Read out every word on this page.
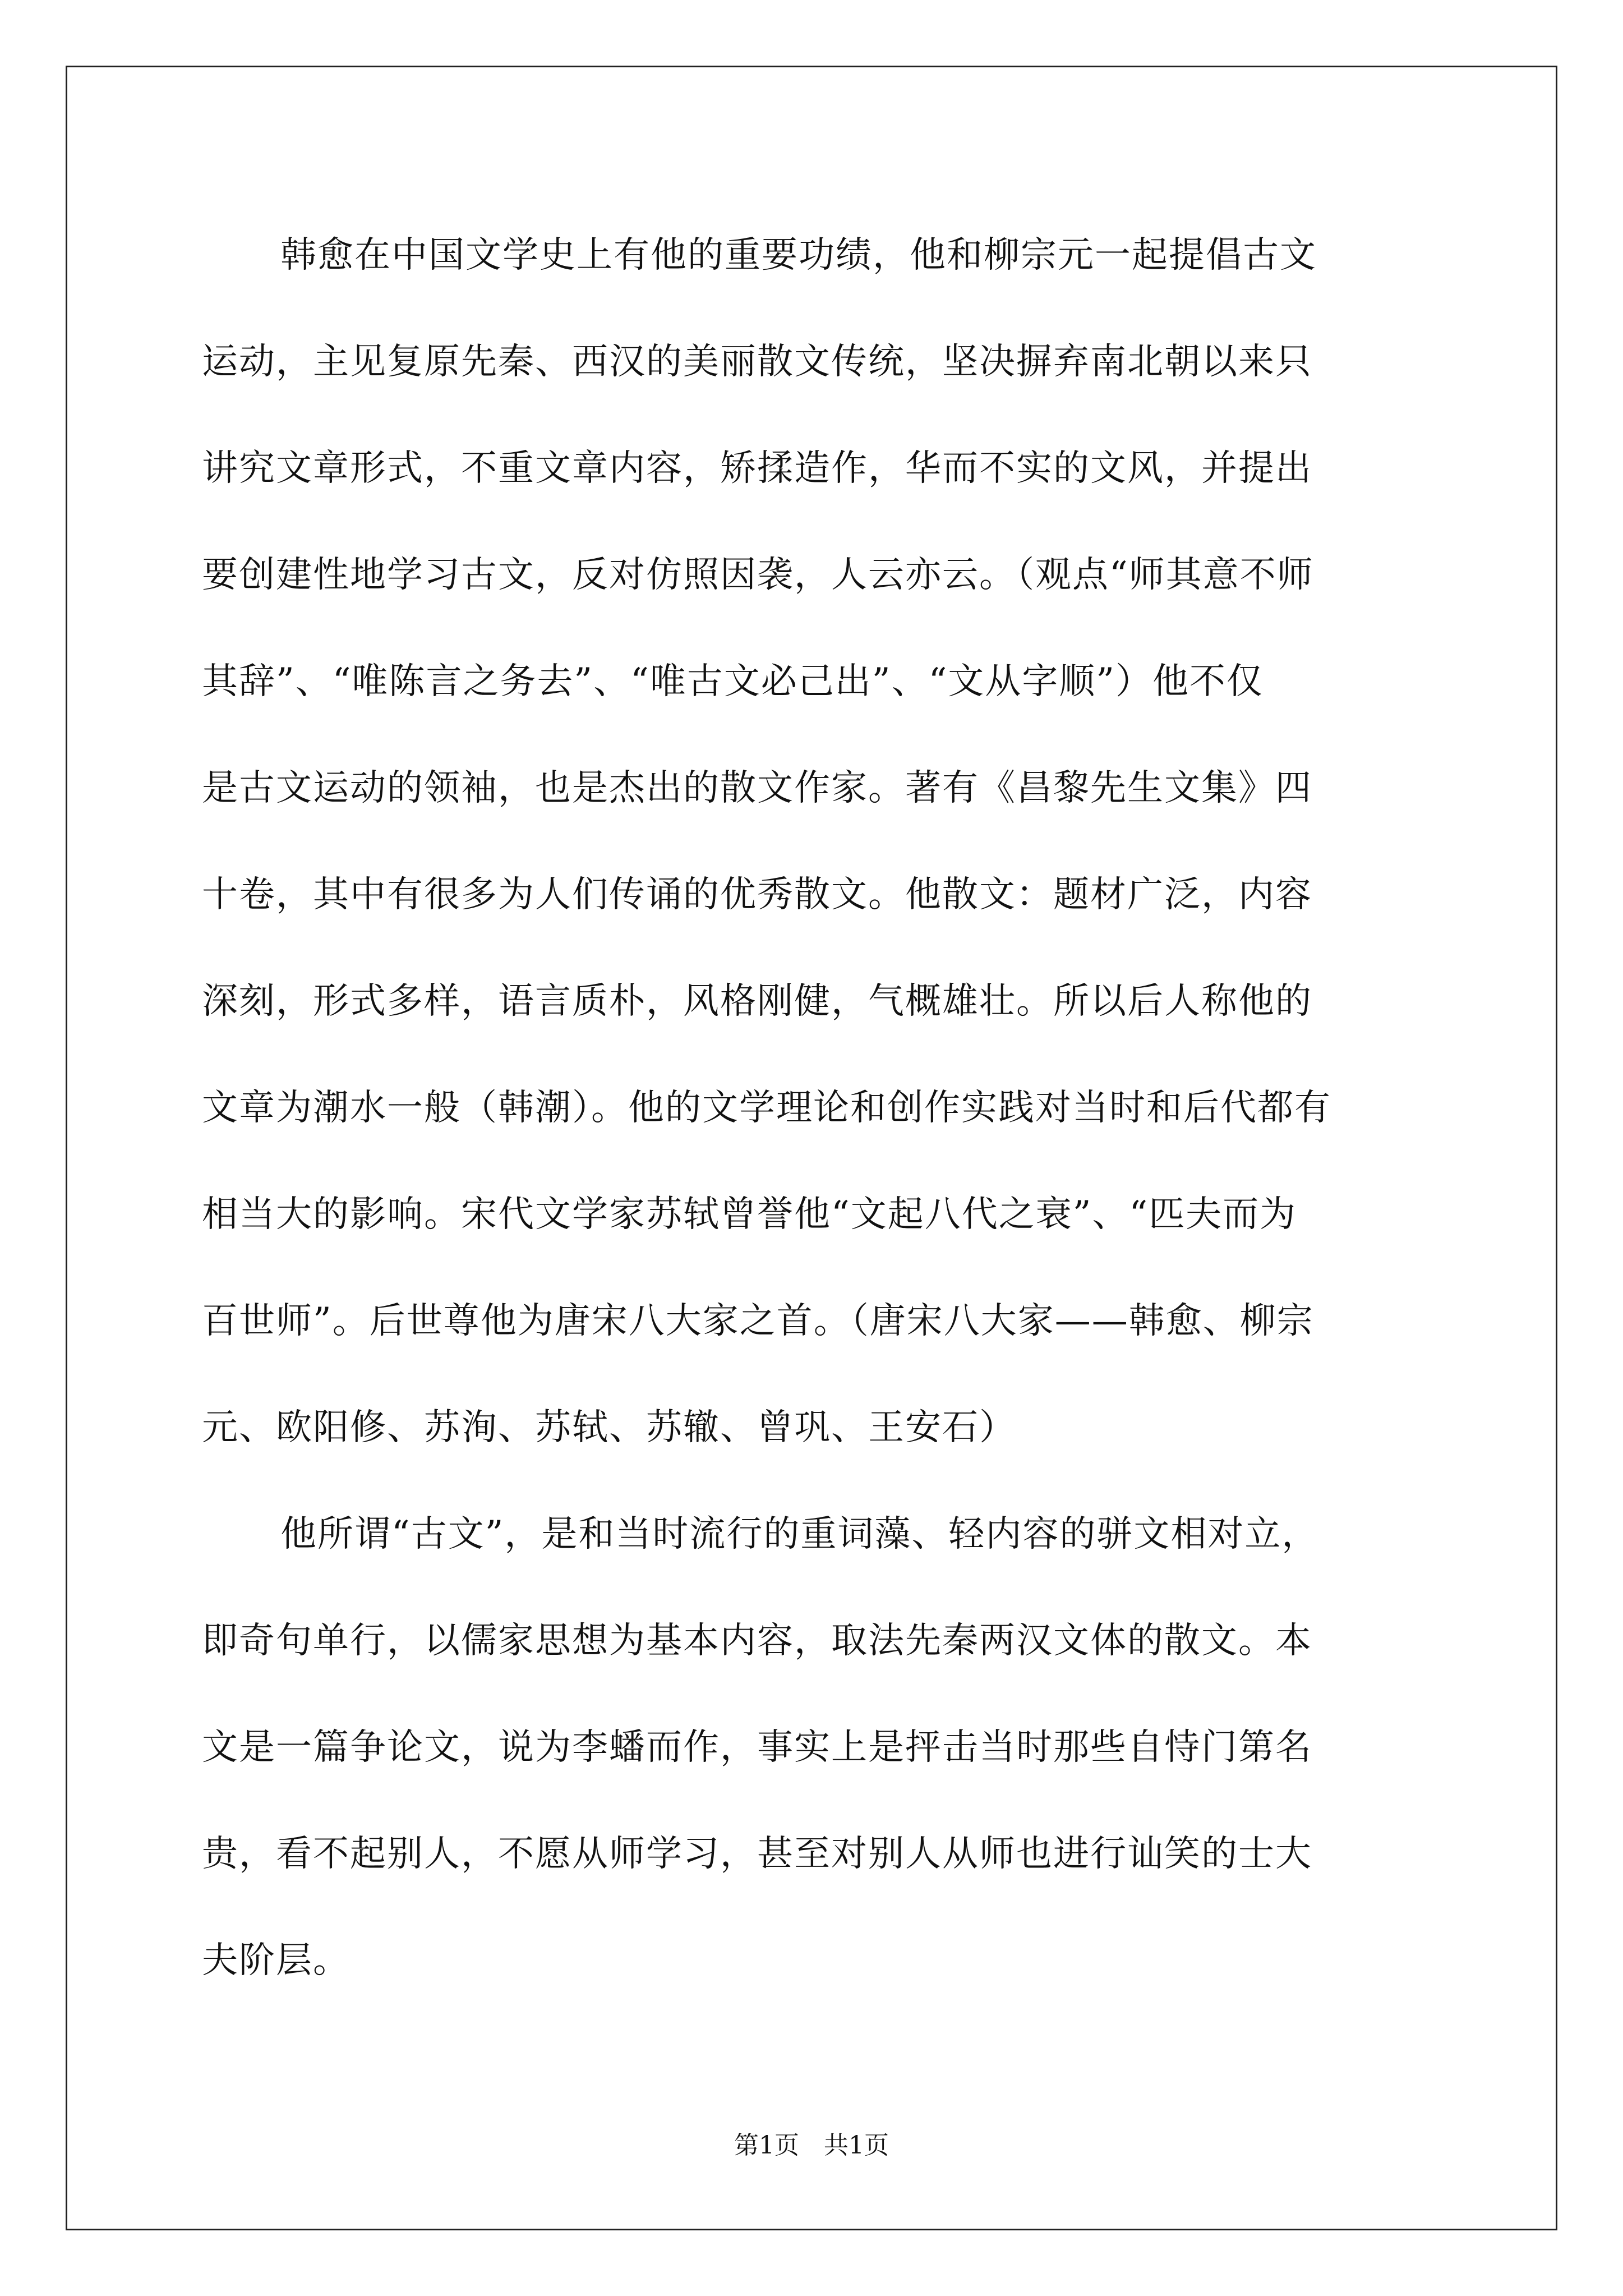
韩愈在中国文学史上有他的重要功绩，他和柳宗元一起提倡古文
运动，主见复原先秦、西汉的美丽散文传统，坚决摒弃南北朝以来只
讲究文章形式，不重文章内容，矫揉造作，华而不实的文风，并提出
要创建性地学习古文，反对仿照因袭，人云亦云。（观点“师其意不师
其辞”、“唯陈言之务去”、“唯古文必己出”、“文从字顺”）他不仅
是古文运动的领袖，也是杰出的散文作家。著有《昌黎先生文集》四
十卷，其中有很多为人们传诵的优秀散文。他散文：题材广泛，内容
深刻，形式多样，语言质朴，风格刚健，气概雄壮。所以后人称他的
文章为潮水一般（韩潮）。他的文学理论和创作实践对当时和后代都有
相当大的影响。宋代文学家苏轼曾誉他“文起八代之衰”、“匹夫而为
百世师”。后世尊他为唐宋八大家之首。（唐宋八大家——韩愈、柳宗
元、欧阳修、苏洵、苏轼、苏辙、曾巩、王安石）
他所谓“古文”，是和当时流行的重词藻、轻内容的骈文相对立，
即奇句单行，以儒家思想为基本内容，取法先秦两汉文体的散文。本
文是一篇争论文，说为李蟠而作，事实上是抨击当时那些自恃门第名
贵，看不起别人，不愿从师学习，甚至对别人从师也进行讪笑的士大
夫阶层。
第1页　共1页
